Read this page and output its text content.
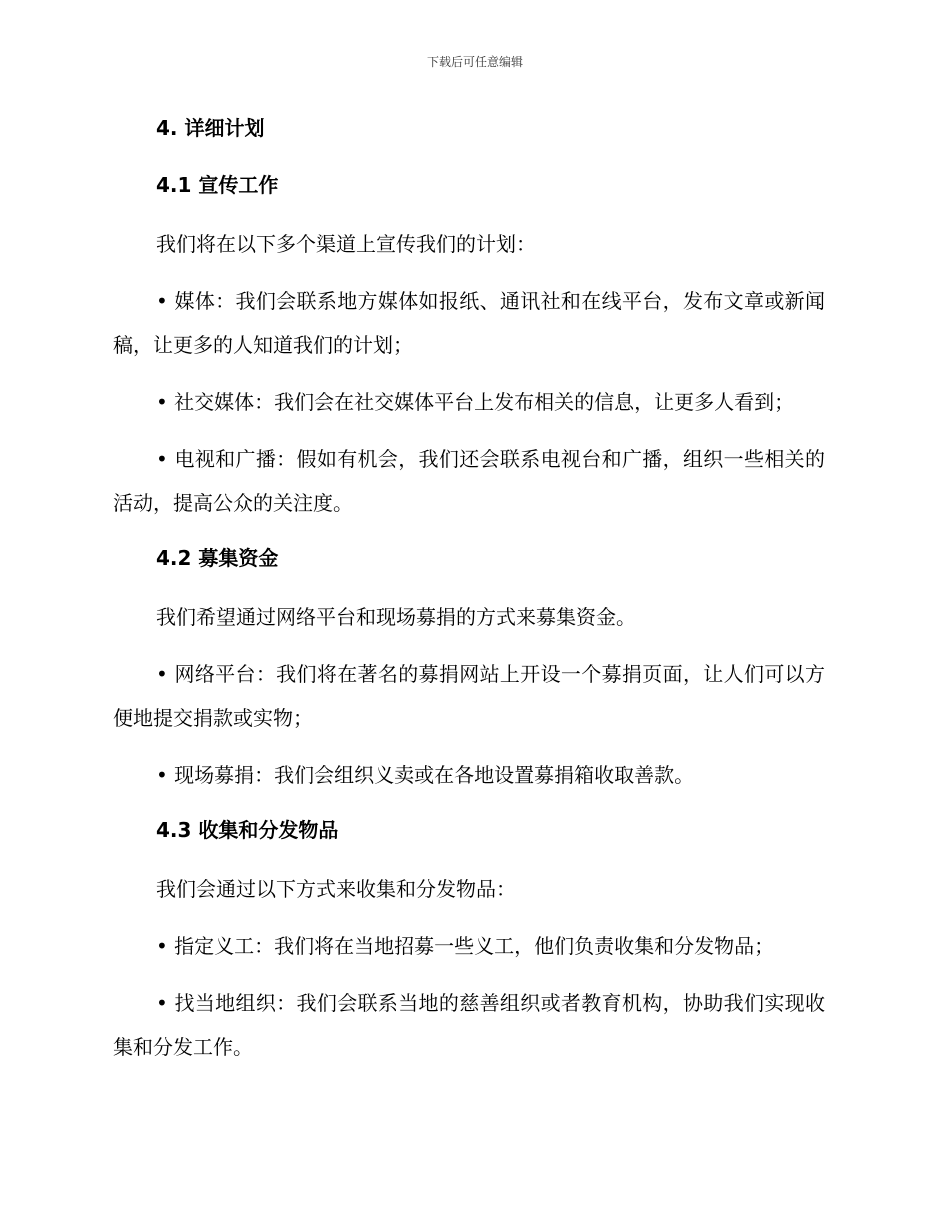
下载后可任意编辑
4. 详细计划
4.1 宣传工作

我们将在以下多个渠道上宣传我们的计划：

• 媒体：我们会联系地方媒体如报纸、通讯社和在线平台，发布文章或新闻稿，让更多的人知道我们的计划；

• 社交媒体：我们会在社交媒体平台上发布相关的信息，让更多人看到；

• 电视和广播：假如有机会，我们还会联系电视台和广播，组织一些相关的活动，提高公众的关注度。

4.2 募集资金

我们希望通过网络平台和现场募捐的方式来募集资金。

• 网络平台：我们将在著名的募捐网站上开设一个募捐页面，让人们可以方便地提交捐款或实物；

• 现场募捐：我们会组织义卖或在各地设置募捐箱收取善款。

4.3 收集和分发物品

我们会通过以下方式来收集和分发物品：

• 指定义工：我们将在当地招募一些义工，他们负责收集和分发物品；

• 找当地组织：我们会联系当地的慈善组织或者教育机构，协助我们实现收集和分发工作。
